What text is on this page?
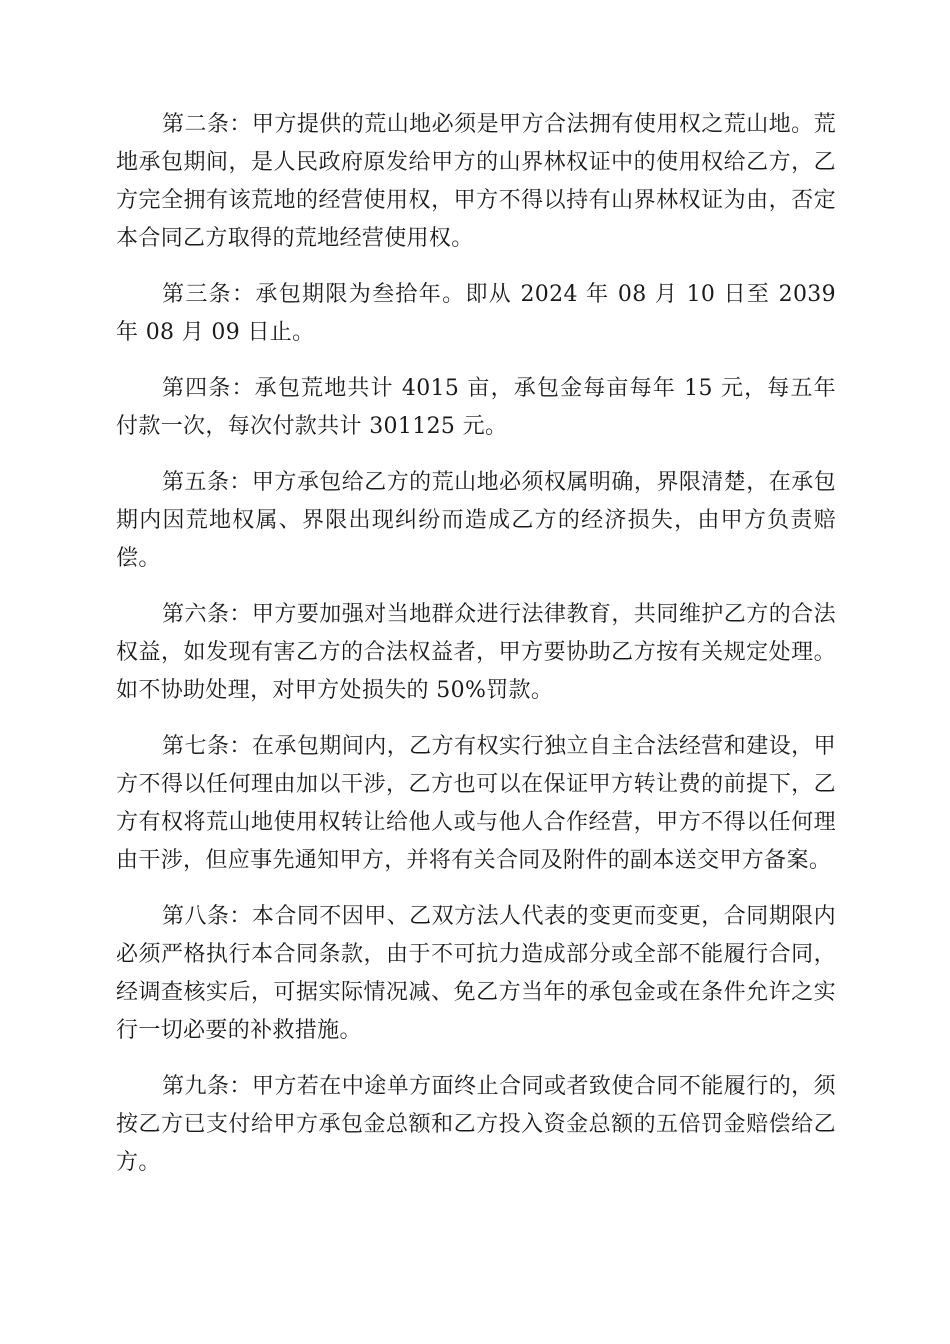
第二条：甲方提供的荒山地必须是甲方合法拥有使用权之荒山地。荒地承包期间，是人民政府原发给甲方的山界林权证中的使用权给乙方，乙方完全拥有该荒地的经营使用权，甲方不得以持有山界林权证为由，否定本合同乙方取得的荒地经营使用权。

第三条：承包期限为叁拾年。即从 2024 年 08 月 10 日至 2039 年 08 月 09 日止。

第四条：承包荒地共计 4015 亩，承包金每亩每年 15 元，每五年付款一次，每次付款共计 301125 元。

第五条：甲方承包给乙方的荒山地必须权属明确，界限清楚，在承包期内因荒地权属、界限出现纠纷而造成乙方的经济损失，由甲方负责赔偿。

第六条：甲方要加强对当地群众进行法律教育，共同维护乙方的合法权益，如发现有害乙方的合法权益者，甲方要协助乙方按有关规定处理。如不协助处理，对甲方处损失的 50%罚款。

第七条：在承包期间内，乙方有权实行独立自主合法经营和建设，甲方不得以任何理由加以干涉，乙方也可以在保证甲方转让费的前提下，乙方有权将荒山地使用权转让给他人或与他人合作经营，甲方不得以任何理由干涉，但应事先通知甲方，并将有关合同及附件的副本送交甲方备案。

第八条：本合同不因甲、乙双方法人代表的变更而变更，合同期限内必须严格执行本合同条款，由于不可抗力造成部分或全部不能履行合同，经调查核实后，可据实际情况减、免乙方当年的承包金或在条件允许之实行一切必要的补救措施。

第九条：甲方若在中途单方面终止合同或者致使合同不能履行的，须按乙方已支付给甲方承包金总额和乙方投入资金总额的五倍罚金赔偿给乙方。
